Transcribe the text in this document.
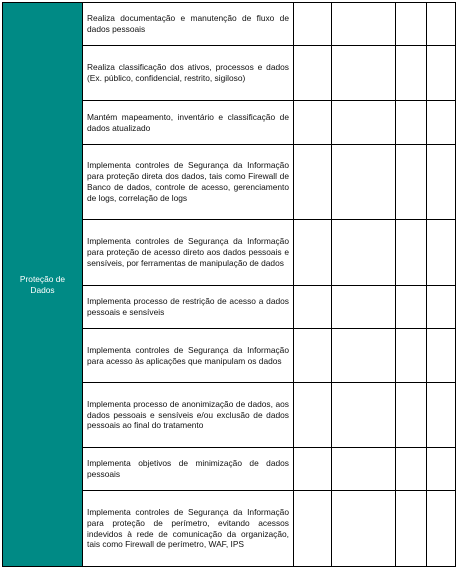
Proteção de Dados	Realiza documentação e manutenção de fluxo de dados pessoais				
	Realiza classificação dos ativos, processos e dados (Ex. público, confidencial, restrito, sigiloso)				
	Mantém mapeamento, inventário e classificação de dados atualizado				
	Implementa controles de Segurança da Informação para proteção direta dos dados, tais como Firewall de Banco de dados, controle de acesso, gerenciamento de logs, correlação de logs				
	Implementa controles de Segurança da Informação para proteção de acesso direto aos dados pessoais e sensíveis, por ferramentas de manipulação de dados				
	Implementa processo de restrição de acesso a dados pessoais e sensíveis				
	Implementa controles de Segurança da Informação para acesso às aplicações que manipulam os dados				
	Implementa processo de anonimização de dados, aos dados pessoais e sensíveis e/ou exclusão de dados pessoais ao final do tratamento				
	Implementa objetivos de minimização de dados pessoais				
	Implementa controles de Segurança da Informação para proteção de perímetro, evitando acessos indevidos à rede de comunicação da organização, tais como Firewall de perímetro, WAF, IPS				
